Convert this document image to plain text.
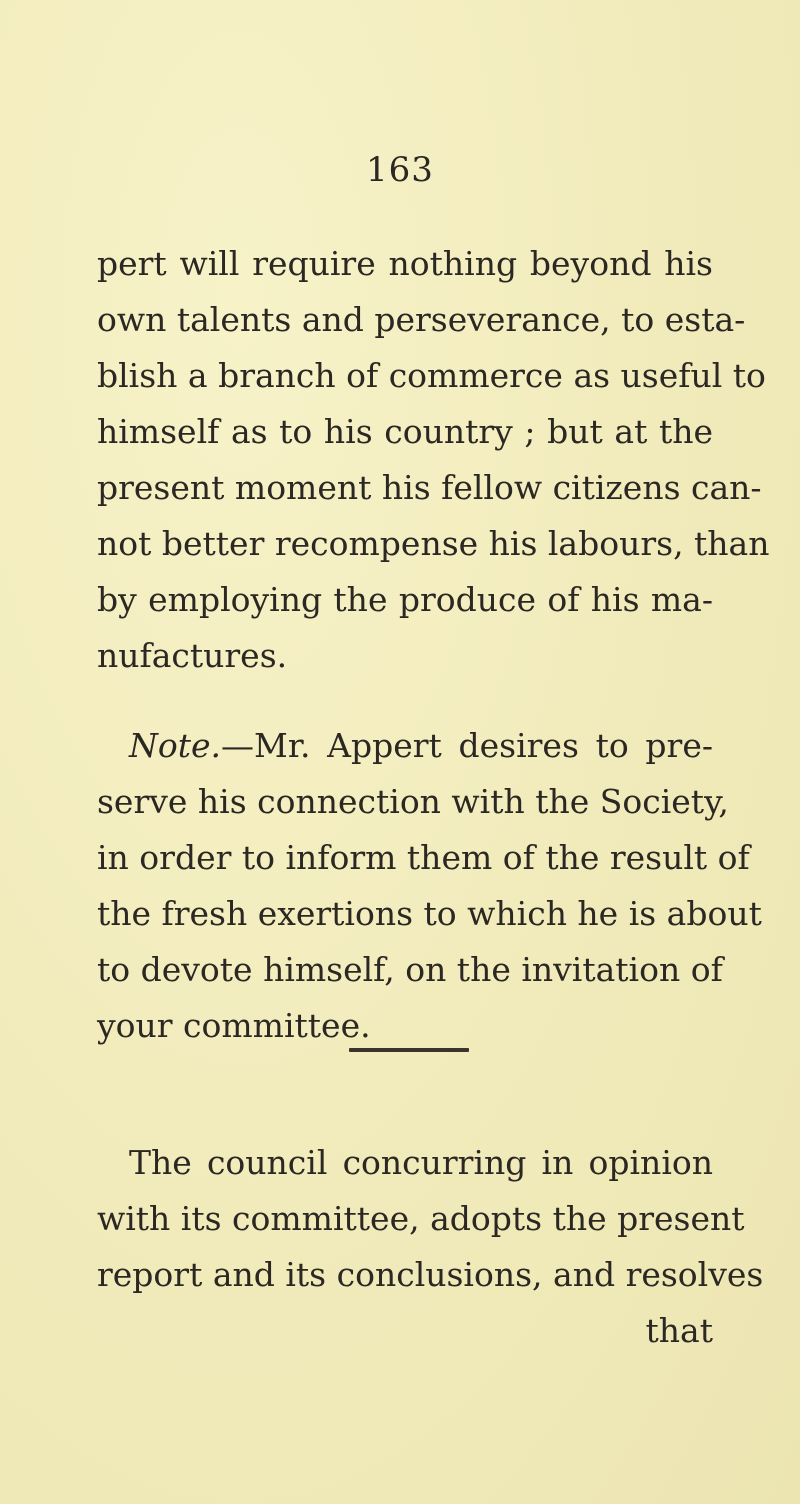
163
pert will require nothing beyond his
own talents and perseverance, to esta-
blish a branch of commerce as useful to
himself as to his country ; but at the
present moment his fellow citizens can-
not better recompense his labours, than
by employing the produce of his ma-
nufactures.
Note.—Mr. Appert desires to pre-
serve his connection with the Society,
in order to inform them of the result of
the fresh exertions to which he is about
to devote himself, on the invitation of
your committee.
The council concurring in opinion
with its committee, adopts the present
report and its conclusions, and resolves
that
